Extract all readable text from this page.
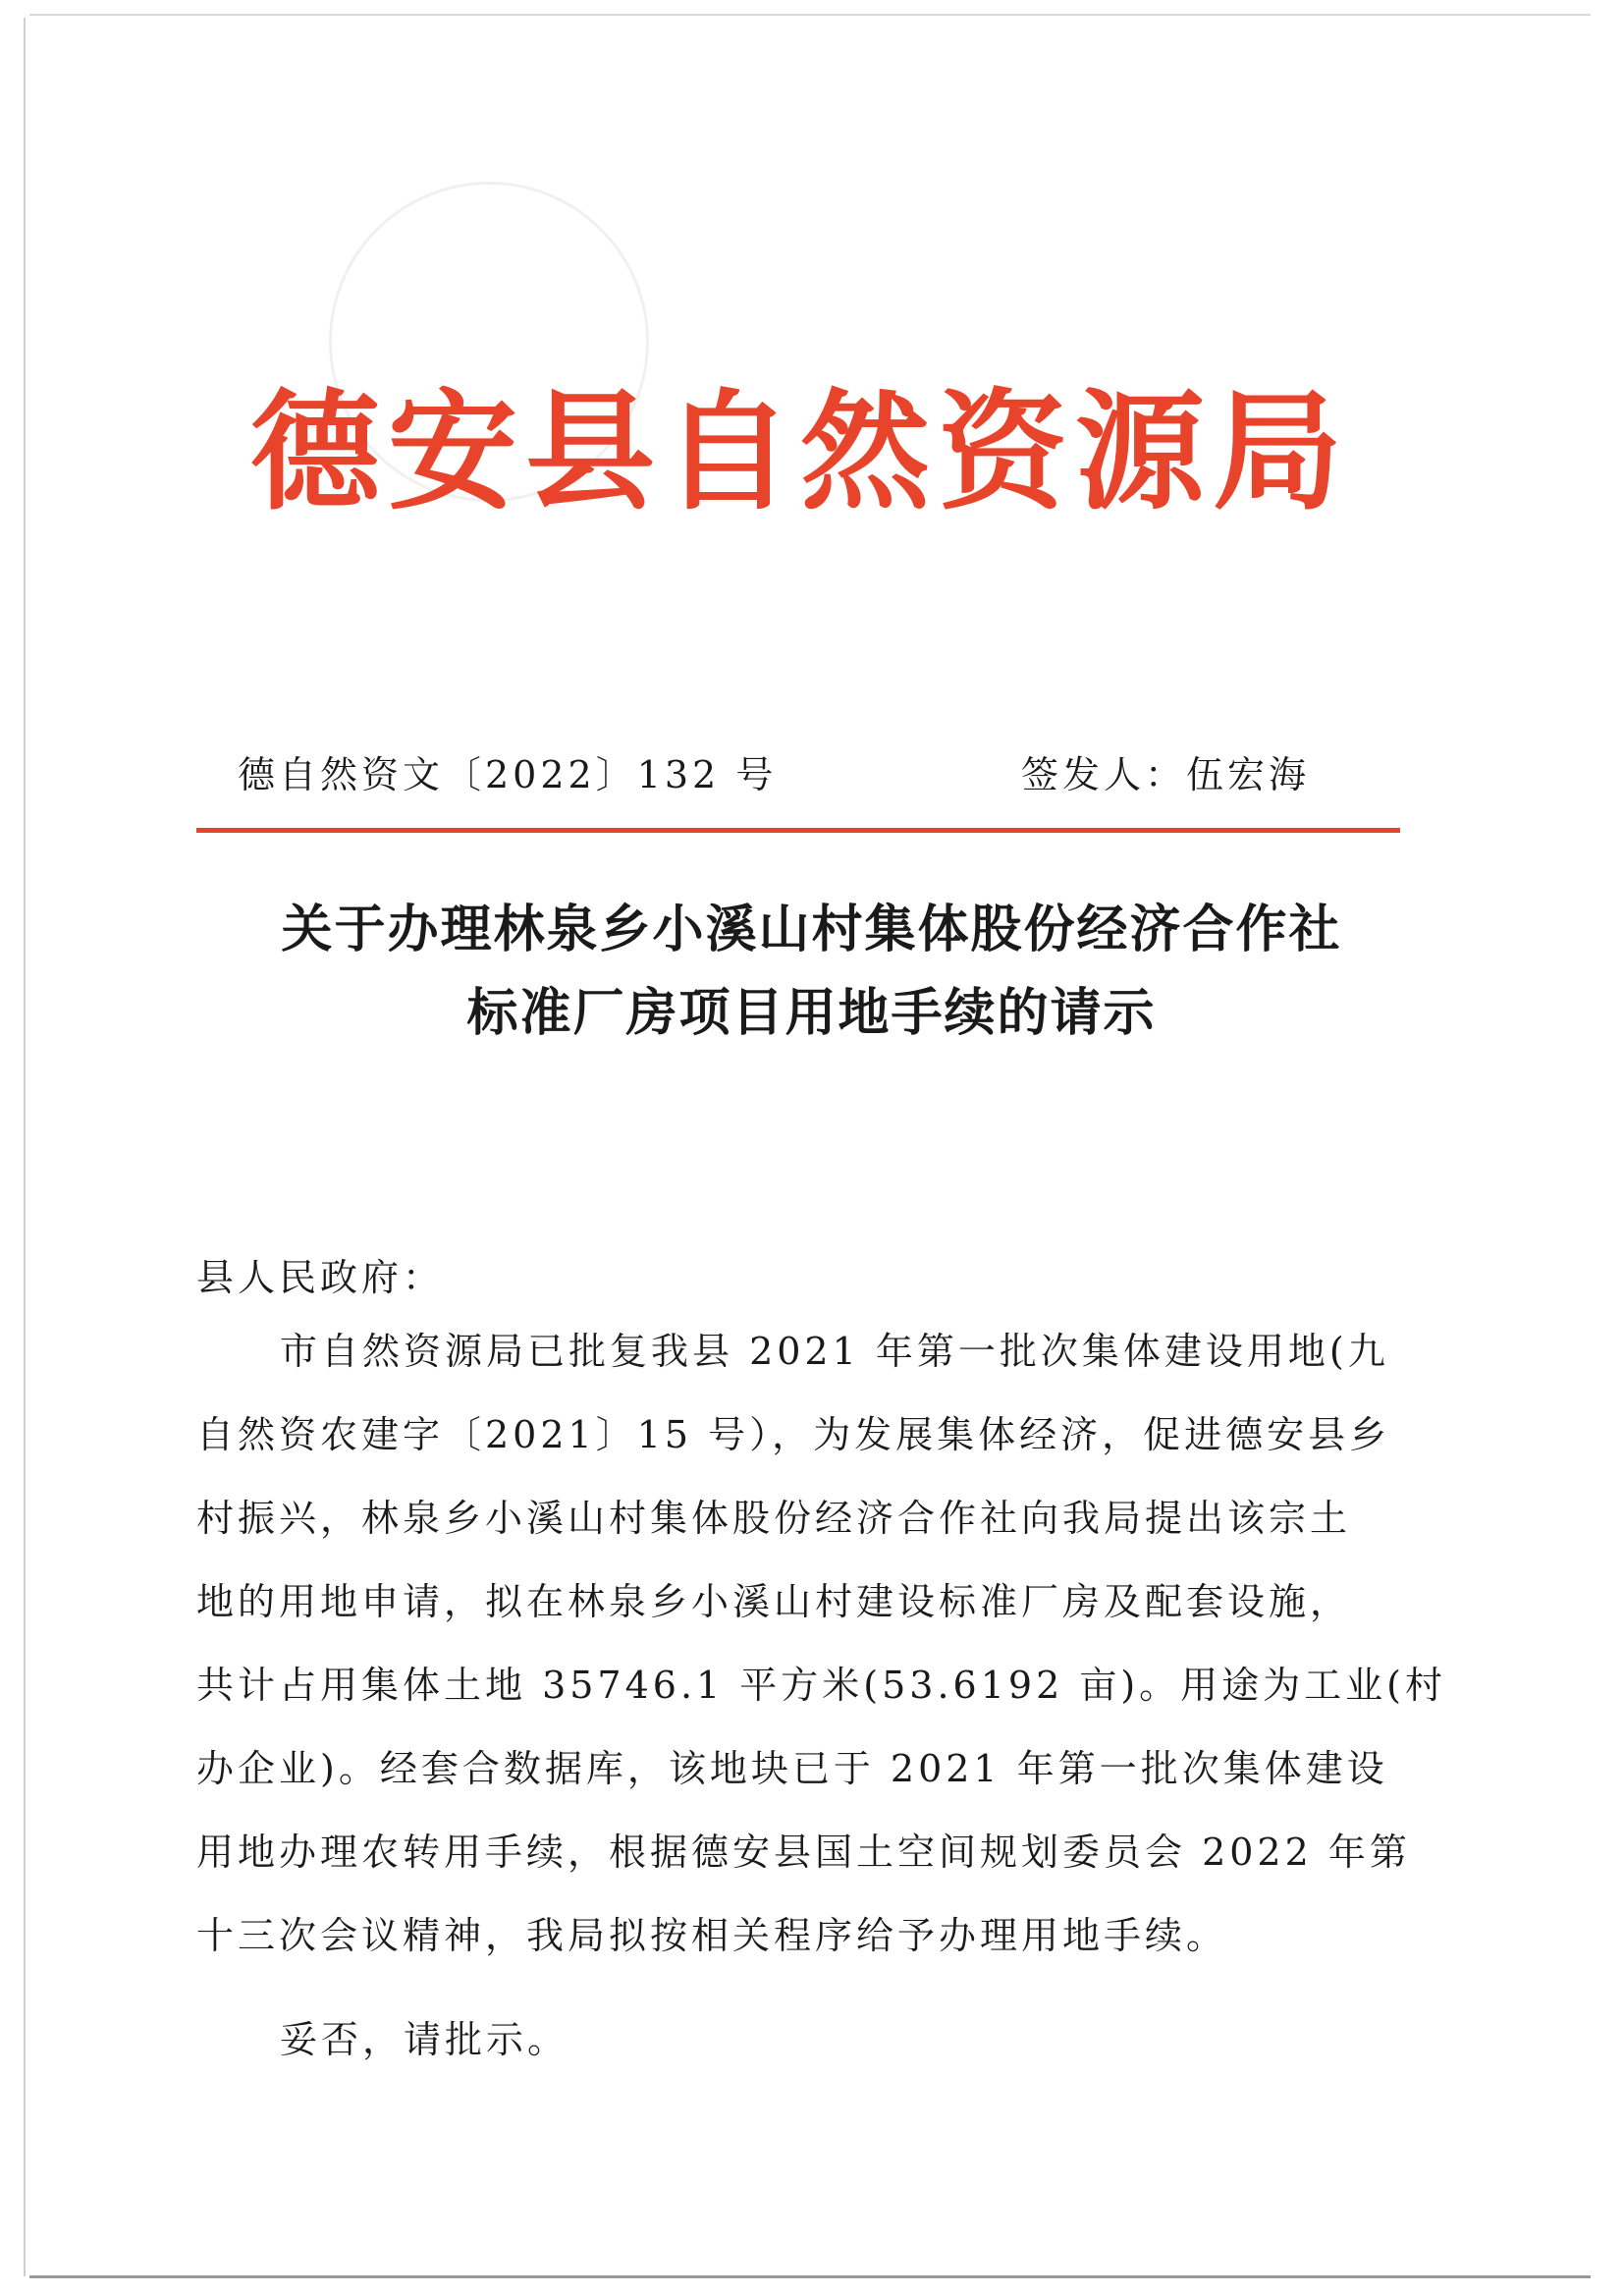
德安县自然资源局
德自然资文〔2022〕132 号	签发人：伍宏海
关于办理林泉乡小溪山村集体股份经济合作社
标准厂房项目用地手续的请示
县人民政府：
市自然资源局已批复我县 2021 年第一批次集体建设用地(九
自然资农建字〔2021〕15 号），为发展集体经济，促进德安县乡
村振兴，林泉乡小溪山村集体股份经济合作社向我局提出该宗土
地的用地申请，拟在林泉乡小溪山村建设标准厂房及配套设施，
共计占用集体土地 35746.1 平方米(53.6192 亩)。用途为工业(村
办企业)。经套合数据库，该地块已于 2021 年第一批次集体建设
用地办理农转用手续，根据德安县国土空间规划委员会 2022 年第
十三次会议精神，我局拟按相关程序给予办理用地手续。
妥否，请批示。
